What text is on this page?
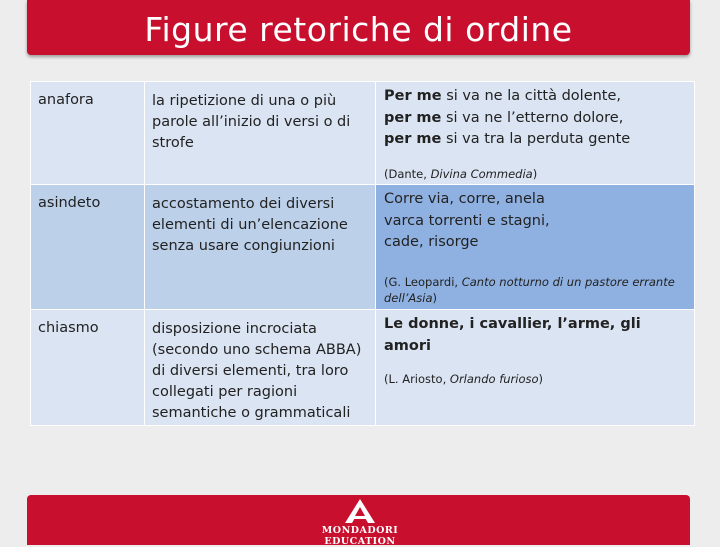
Figure retoriche di ordine
anafora	la ripetizione di una o più parole all’inizio di versi o di strofe	Per me si va ne la città dolente,
per me si va ne l’etterno dolore,
per me si va tra la perduta gente
(Dante, Divina Commedia)

asindeto	accostamento dei diversi elementi di un’elencazione senza usare congiunzioni	Corre via, corre, anela
varca torrenti e stagni,
cade, risorge
(G. Leopardi, Canto notturno di un pastore errante dell’Asia)

chiasmo	disposizione incrociata (secondo uno schema ABBA) di diversi elementi, tra loro collegati per ragioni semantiche o grammaticali	Le donne, i cavallier, l’arme, gli amori
(L. Ariosto, Orlando furioso)
MONDADORI EDUCATION
